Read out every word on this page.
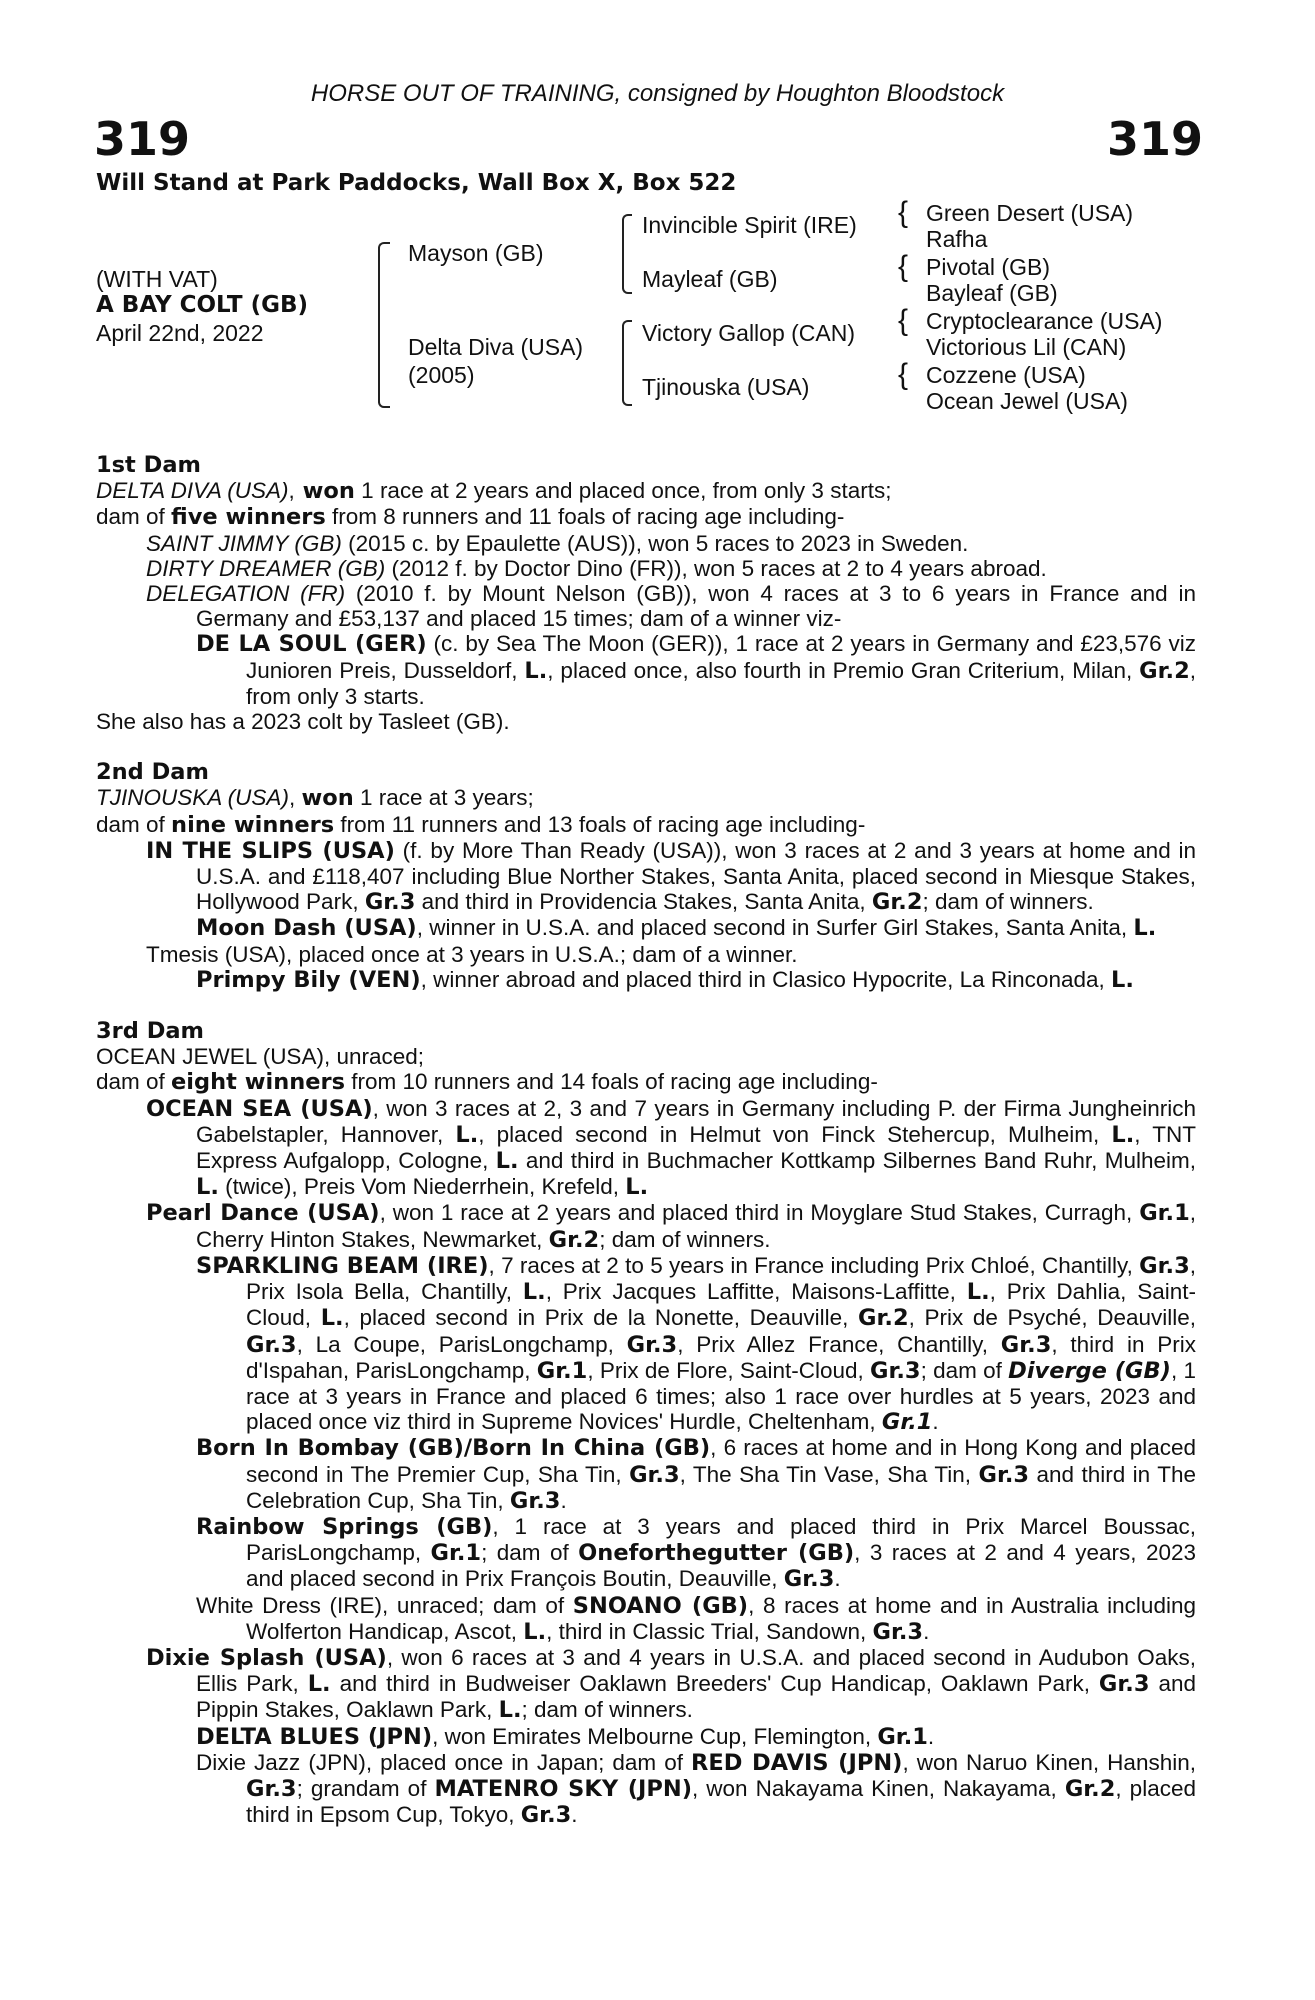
HORSE OUT OF TRAINING, consigned by Houghton Bloodstock
319	319
Will Stand at Park Paddocks, Wall Box X, Box 522
(WITH VAT)
A BAY COLT (GB)
April 22nd, 2022
Mayson (GB)
Delta Diva (USA)
(2005)
Invincible Spirit (IRE)
Mayleaf (GB)
Victory Gallop (CAN)
Tjinouska (USA)
{
{
{
{
Green Desert (USA)
Rafha
Pivotal (GB)
Bayleaf (GB)
Cryptoclearance (USA)
Victorious Lil (CAN)
Cozzene (USA)
Ocean Jewel (USA)

1st Dam

DELTA DIVA (USA), won 1 race at 2 years and placed once, from only 3 starts;

dam of five winners from 8 runners and 11 foals of racing age including-

SAINT JIMMY (GB) (2015 c. by Epaulette (AUS)), won 5 races to 2023 in Sweden.

DIRTY DREAMER (GB) (2012 f. by Doctor Dino (FR)), won 5 races at 2 to 4 years abroad.

DELEGATION (FR) (2010 f. by Mount Nelson (GB)), won 4 races at 3 to 6 years in France and in Germany and £53,137 and placed 15 times; dam of a winner viz-

DE LA SOUL (GER) (c. by Sea The Moon (GER)), 1 race at 2 years in Germany and £23,576 viz Junioren Preis, Dusseldorf, L., placed once, also fourth in Premio Gran Criterium, Milan, Gr.2, from only 3 starts.

She also has a 2023 colt by Tasleet (GB).

2nd Dam

TJINOUSKA (USA), won 1 race at 3 years;

dam of nine winners from 11 runners and 13 foals of racing age including-

IN THE SLIPS (USA) (f. by More Than Ready (USA)), won 3 races at 2 and 3 years at home and in U.S.A. and £118,407 including Blue Norther Stakes, Santa Anita, placed second in Miesque Stakes, Hollywood Park, Gr.3 and third in Providencia Stakes, Santa Anita, Gr.2; dam of winners.

Moon Dash (USA), winner in U.S.A. and placed second in Surfer Girl Stakes, Santa Anita, L.

Tmesis (USA), placed once at 3 years in U.S.A.; dam of a winner.

Primpy Bily (VEN), winner abroad and placed third in Clasico Hypocrite, La Rinconada, L.

3rd Dam

OCEAN JEWEL (USA), unraced;

dam of eight winners from 10 runners and 14 foals of racing age including-

OCEAN SEA (USA), won 3 races at 2, 3 and 7 years in Germany including P. der Firma Jungheinrich Gabelstapler, Hannover, L., placed second in Helmut von Finck Stehercup, Mulheim, L., TNT Express Aufgalopp, Cologne, L. and third in Buchmacher Kottkamp Silbernes Band Ruhr, Mulheim, L. (twice), Preis Vom Niederrhein, Krefeld, L.

Pearl Dance (USA), won 1 race at 2 years and placed third in Moyglare Stud Stakes, Curragh, Gr.1, Cherry Hinton Stakes, Newmarket, Gr.2; dam of winners.

SPARKLING BEAM (IRE), 7 races at 2 to 5 years in France including Prix Chloé, Chantilly, Gr.3, Prix Isola Bella, Chantilly, L., Prix Jacques Laffitte, Maisons-Laffitte, L., Prix Dahlia, Saint-Cloud, L., placed second in Prix de la Nonette, Deauville, Gr.2, Prix de Psyché, Deauville, Gr.3, La Coupe, ParisLongchamp, Gr.3, Prix Allez France, Chantilly, Gr.3, third in Prix d'Ispahan, ParisLongchamp, Gr.1, Prix de Flore, Saint-Cloud, Gr.3; dam of Diverge (GB), 1 race at 3 years in France and placed 6 times; also 1 race over hurdles at 5 years, 2023 and placed once viz third in Supreme Novices' Hurdle, Cheltenham, Gr.1.

Born In Bombay (GB)/Born In China (GB), 6 races at home and in Hong Kong and placed second in The Premier Cup, Sha Tin, Gr.3, The Sha Tin Vase, Sha Tin, Gr.3 and third in The Celebration Cup, Sha Tin, Gr.3.

Rainbow Springs (GB), 1 race at 3 years and placed third in Prix Marcel Boussac, ParisLongchamp, Gr.1; dam of Oneforthegutter (GB), 3 races at 2 and 4 years, 2023 and placed second in Prix François Boutin, Deauville, Gr.3.

White Dress (IRE), unraced; dam of SNOANO (GB), 8 races at home and in Australia including Wolferton Handicap, Ascot, L., third in Classic Trial, Sandown, Gr.3.

Dixie Splash (USA), won 6 races at 3 and 4 years in U.S.A. and placed second in Audubon Oaks, Ellis Park, L. and third in Budweiser Oaklawn Breeders' Cup Handicap, Oaklawn Park, Gr.3 and Pippin Stakes, Oaklawn Park, L.; dam of winners.

DELTA BLUES (JPN), won Emirates Melbourne Cup, Flemington, Gr.1.

Dixie Jazz (JPN), placed once in Japan; dam of RED DAVIS (JPN), won Naruo Kinen, Hanshin, Gr.3; grandam of MATENRO SKY (JPN), won Nakayama Kinen, Nakayama, Gr.2, placed third in Epsom Cup, Tokyo, Gr.3.
